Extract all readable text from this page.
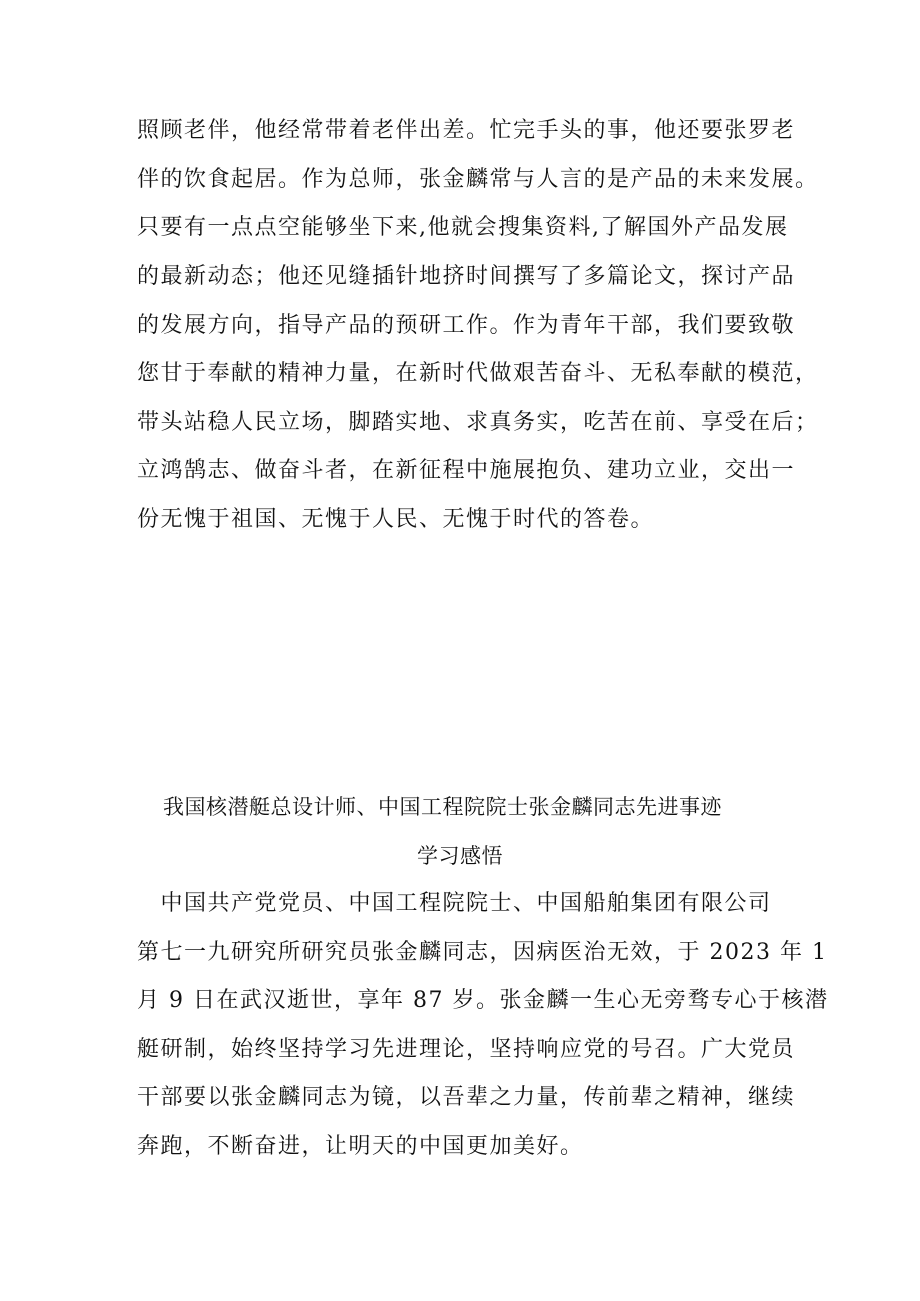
照顾老伴，他经常带着老伴出差。忙完手头的事，他还要张罗老
伴的饮食起居。作为总师，张金麟常与人言的是产品的未来发展。
只要有一点点空能够坐下来,他就会搜集资料,了解国外产品发展
的最新动态；他还见缝插针地挤时间撰写了多篇论文，探讨产品
的发展方向，指导产品的预研工作。作为青年干部，我们要致敬
您甘于奉献的精神力量，在新时代做艰苦奋斗、无私奉献的模范，
带头站稳人民立场，脚踏实地、求真务实，吃苦在前、享受在后；
立鸿鹄志、做奋斗者，在新征程中施展抱负、建功立业，交出一
份无愧于祖国、无愧于人民、无愧于时代的答卷。
我国核潜艇总设计师、中国工程院院士张金麟同志先进事迹
学习感悟
　中国共产党党员、中国工程院院士、中国船舶集团有限公司
第七一九研究所研究员张金麟同志，因病医治无效，于 2023 年 1
月 9 日在武汉逝世，享年 87 岁。张金麟一生心无旁骛专心于核潜
艇研制，始终坚持学习先进理论，坚持响应党的号召。广大党员
干部要以张金麟同志为镜，以吾辈之力量，传前辈之精神，继续
奔跑，不断奋进，让明天的中国更加美好。
